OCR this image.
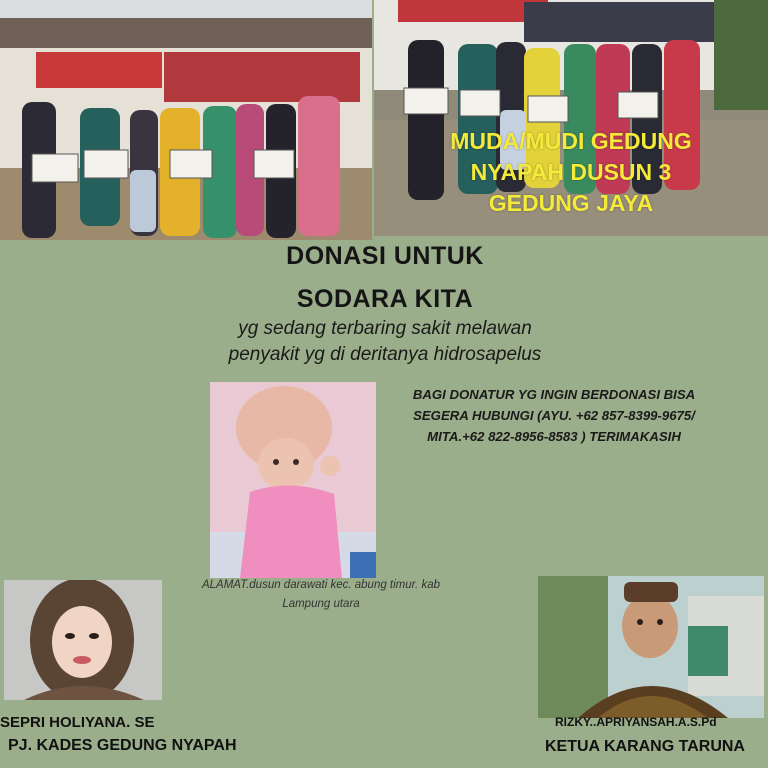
MUDA/MUDI GEDUNG
NYAPAH DUSUN 3
GEDUNG JAYA
DONASI UNTUK
SODARA KITA
yg sedang terbaring sakit melawan
penyakit yg di deritanya hidrosapelus
BAGI DONATUR YG INGIN BERDONASI BISA
SEGERA HUBUNGI (AYU. +62 857-8399-9675/
MITA.+62 822-8956-8583 ) TERIMAKASIH
ALAMAT.dusun darawati kec. abung timur. kab
Lampung utara
SEPRI HOLIYANA. SE
PJ. KADES GEDUNG NYAPAH
RIZKY..APRIYANSAH.A.S.Pd
KETUA KARANG TARUNA
